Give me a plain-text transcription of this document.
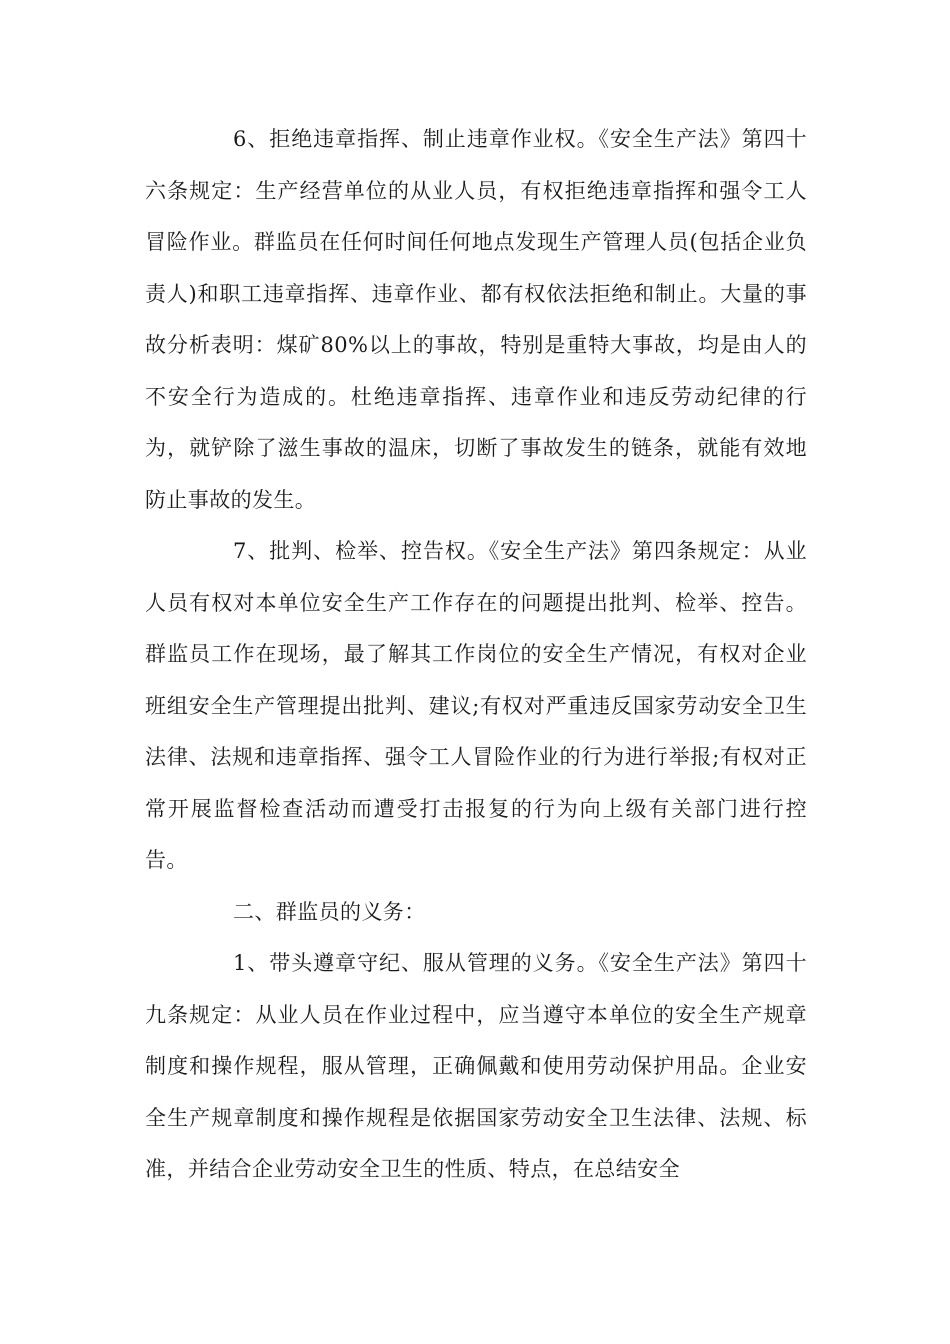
6、拒绝违章指挥、制止违章作业权。《安全生产法》第四十六条规定：生产经营单位的从业人员，有权拒绝违章指挥和强令工人冒险作业。群监员在任何时间任何地点发现生产管理人员(包括企业负责人)和职工违章指挥、违章作业、都有权依法拒绝和制止。大量的事故分析表明：煤矿80%以上的事故，特别是重特大事故，均是由人的不安全行为造成的。杜绝违章指挥、违章作业和违反劳动纪律的行为，就铲除了滋生事故的温床，切断了事故发生的链条，就能有效地防止事故的发生。

7、批判、检举、控告权。《安全生产法》第四条规定：从业人员有权对本单位安全生产工作存在的问题提出批判、检举、控告。群监员工作在现场，最了解其工作岗位的安全生产情况，有权对企业班组安全生产管理提出批判、建议;有权对严重违反国家劳动安全卫生法律、法规和违章指挥、强令工人冒险作业的行为进行举报;有权对正常开展监督检查活动而遭受打击报复的行为向上级有关部门进行控告。

二、群监员的义务：

1、带头遵章守纪、服从管理的义务。《安全生产法》第四十九条规定：从业人员在作业过程中，应当遵守本单位的安全生产规章制度和操作规程，服从管理，正确佩戴和使用劳动保护用品。企业安全生产规章制度和操作规程是依据国家劳动安全卫生法律、法规、标准，并结合企业劳动安全卫生的性质、特点，在总结安全
